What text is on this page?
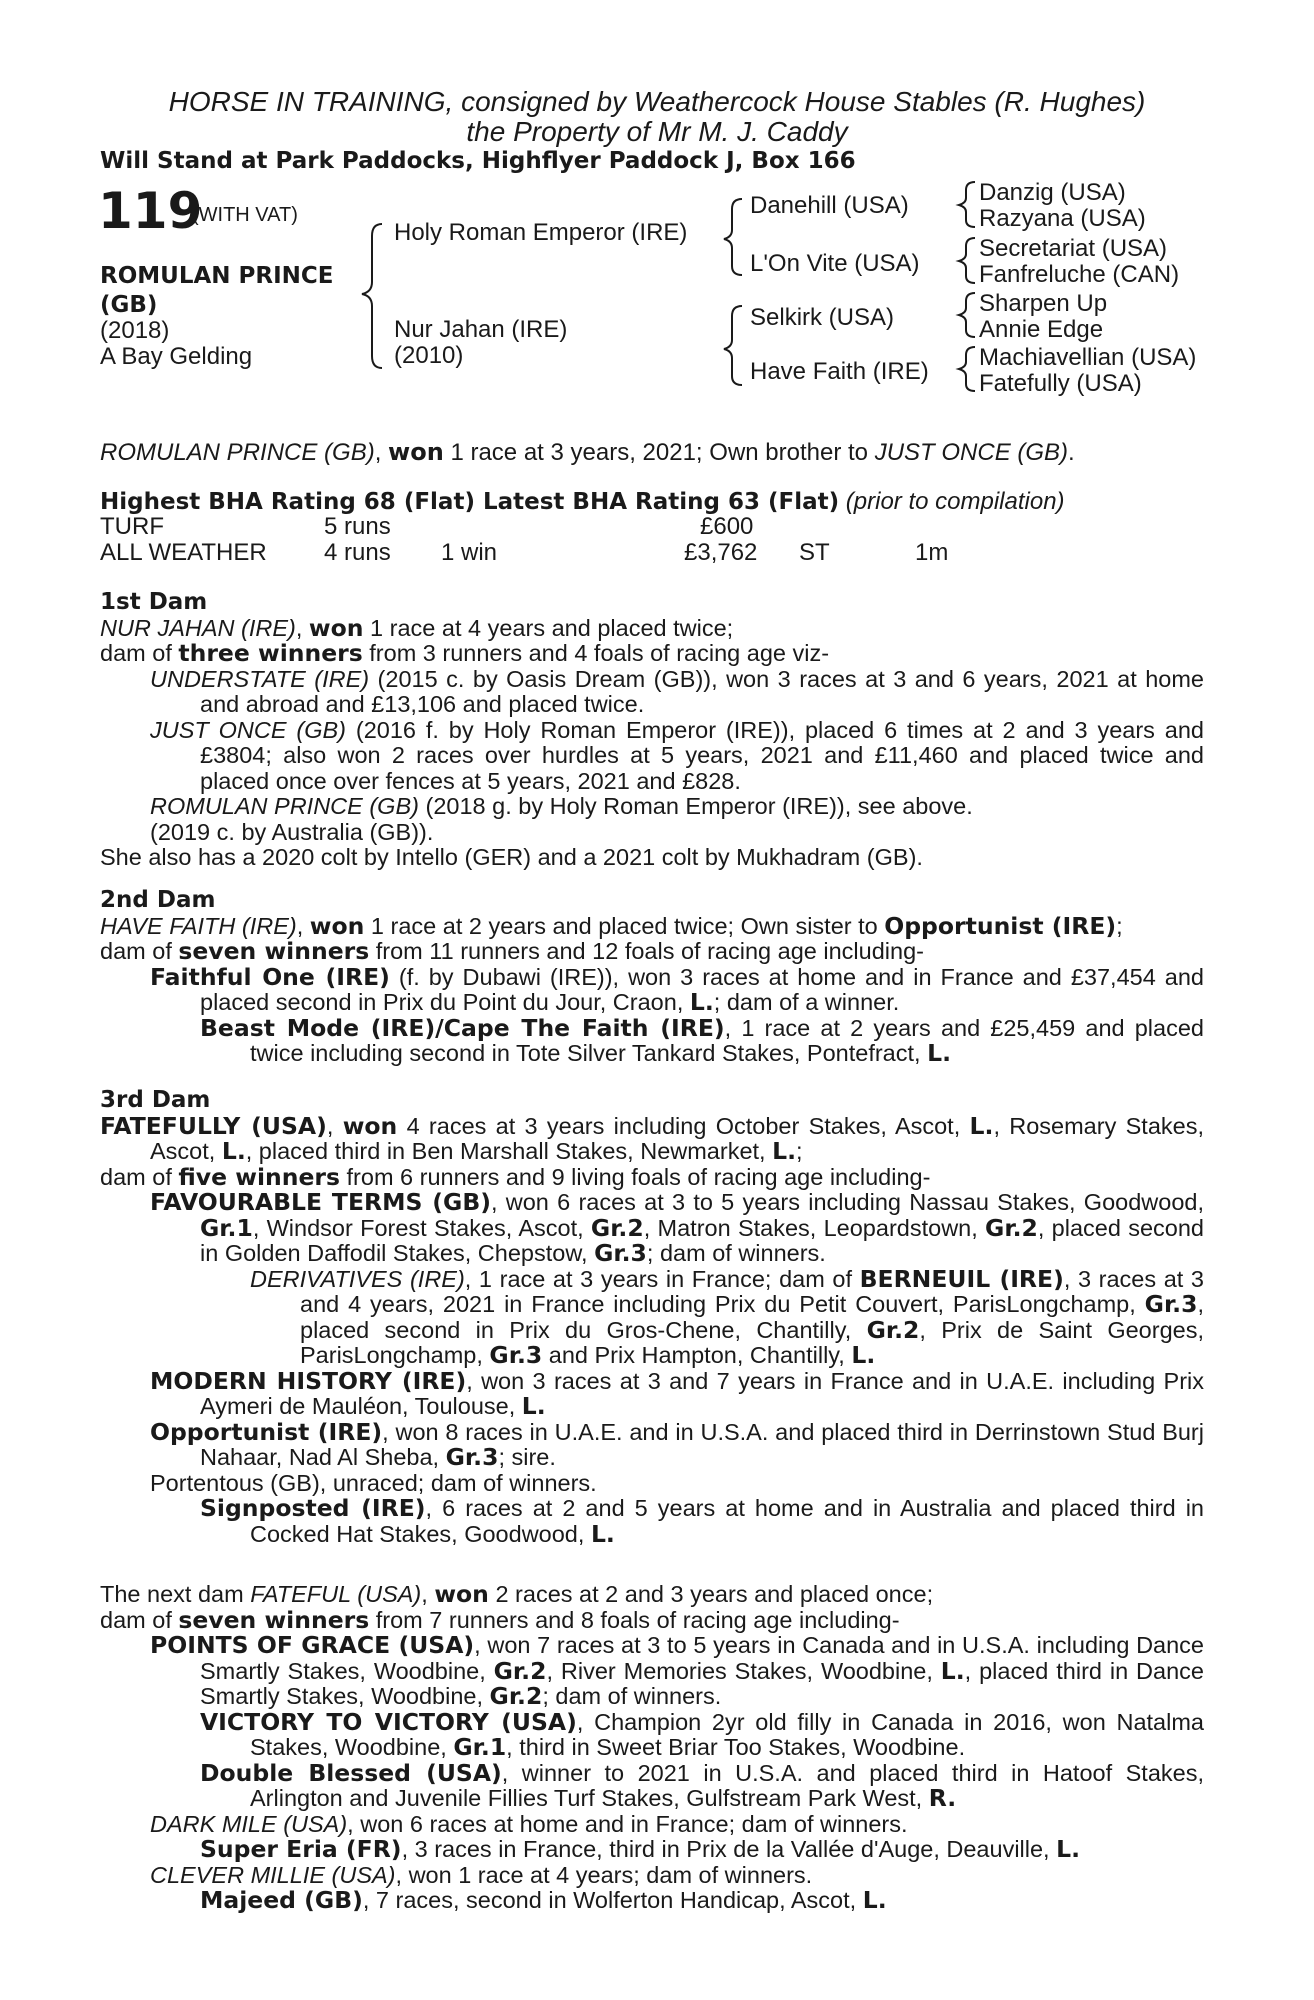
HORSE IN TRAINING, consigned by Weathercock House Stables (R. Hughes)
the Property of Mr M. J. Caddy
Will Stand at Park Paddocks, Highflyer Paddock J, Box 166
119
(WITH VAT)
ROMULAN PRINCE
(GB)
(2018)
A Bay Gelding
Holy Roman Emperor (IRE)
Nur Jahan (IRE)
(2010)
Danehill (USA)
L'On Vite (USA)
Selkirk (USA)
Have Faith (IRE)
Danzig (USA)
Razyana (USA)
Secretariat (USA)
Fanfreluche (CAN)
Sharpen Up
Annie Edge
Machiavellian (USA)
Fatefully (USA)
ROMULAN PRINCE (GB), won 1 race at 3 years, 2021; Own brother to JUST ONCE (GB).
Highest BHA Rating 68 (Flat) Latest BHA Rating 63 (Flat) (prior to compilation)
TURF	5 runs	£600
ALL WEATHER 4 runs 1 win	£3,762 ST	1m

1st Dam

NUR JAHAN (IRE), won 1 race at 4 years and placed twice;

dam of three winners from 3 runners and 4 foals of racing age viz-

UNDERSTATE (IRE) (2015 c. by Oasis Dream (GB)), won 3 races at 3 and 6 years, 2021 at home and abroad and £13,106 and placed twice.

JUST ONCE (GB) (2016 f. by Holy Roman Emperor (IRE)), placed 6 times at 2 and 3 years and £3804; also won 2 races over hurdles at 5 years, 2021 and £11,460 and placed twice and placed once over fences at 5 years, 2021 and £828.

ROMULAN PRINCE (GB) (2018 g. by Holy Roman Emperor (IRE)), see above.

(2019 c. by Australia (GB)).

She also has a 2020 colt by Intello (GER) and a 2021 colt by Mukhadram (GB).

2nd Dam

HAVE FAITH (IRE), won 1 race at 2 years and placed twice; Own sister to Opportunist (IRE);

dam of seven winners from 11 runners and 12 foals of racing age including-

Faithful One (IRE) (f. by Dubawi (IRE)), won 3 races at home and in France and £37,454 and placed second in Prix du Point du Jour, Craon, L.; dam of a winner.

Beast Mode (IRE)/Cape The Faith (IRE), 1 race at 2 years and £25,459 and placed twice including second in Tote Silver Tankard Stakes, Pontefract, L.

3rd Dam

FATEFULLY (USA), won 4 races at 3 years including October Stakes, Ascot, L., Rosemary Stakes, Ascot, L., placed third in Ben Marshall Stakes, Newmarket, L.;

dam of five winners from 6 runners and 9 living foals of racing age including-

FAVOURABLE TERMS (GB), won 6 races at 3 to 5 years including Nassau Stakes, Goodwood, Gr.1, Windsor Forest Stakes, Ascot, Gr.2, Matron Stakes, Leopardstown, Gr.2, placed second in Golden Daffodil Stakes, Chepstow, Gr.3; dam of winners.

DERIVATIVES (IRE), 1 race at 3 years in France; dam of BERNEUIL (IRE), 3 races at 3 and 4 years, 2021 in France including Prix du Petit Couvert, ParisLongchamp, Gr.3, placed second in Prix du Gros-Chene, Chantilly, Gr.2, Prix de Saint Georges, ParisLongchamp, Gr.3 and Prix Hampton, Chantilly, L.

MODERN HISTORY (IRE), won 3 races at 3 and 7 years in France and in U.A.E. including Prix Aymeri de Mauléon, Toulouse, L.

Opportunist (IRE), won 8 races in U.A.E. and in U.S.A. and placed third in Derrinstown Stud Burj Nahaar, Nad Al Sheba, Gr.3; sire.

Portentous (GB), unraced; dam of winners.

Signposted (IRE), 6 races at 2 and 5 years at home and in Australia and placed third in Cocked Hat Stakes, Goodwood, L.

The next dam FATEFUL (USA), won 2 races at 2 and 3 years and placed once;

dam of seven winners from 7 runners and 8 foals of racing age including-

POINTS OF GRACE (USA), won 7 races at 3 to 5 years in Canada and in U.S.A. including Dance Smartly Stakes, Woodbine, Gr.2, River Memories Stakes, Woodbine, L., placed third in Dance Smartly Stakes, Woodbine, Gr.2; dam of winners.

VICTORY TO VICTORY (USA), Champion 2yr old filly in Canada in 2016, won Natalma Stakes, Woodbine, Gr.1, third in Sweet Briar Too Stakes, Woodbine.

Double Blessed (USA), winner to 2021 in U.S.A. and placed third in Hatoof Stakes, Arlington and Juvenile Fillies Turf Stakes, Gulfstream Park West, R.

DARK MILE (USA), won 6 races at home and in France; dam of winners.

Super Eria (FR), 3 races in France, third in Prix de la Vallée d'Auge, Deauville, L.

CLEVER MILLIE (USA), won 1 race at 4 years; dam of winners.

Majeed (GB), 7 races, second in Wolferton Handicap, Ascot, L.
